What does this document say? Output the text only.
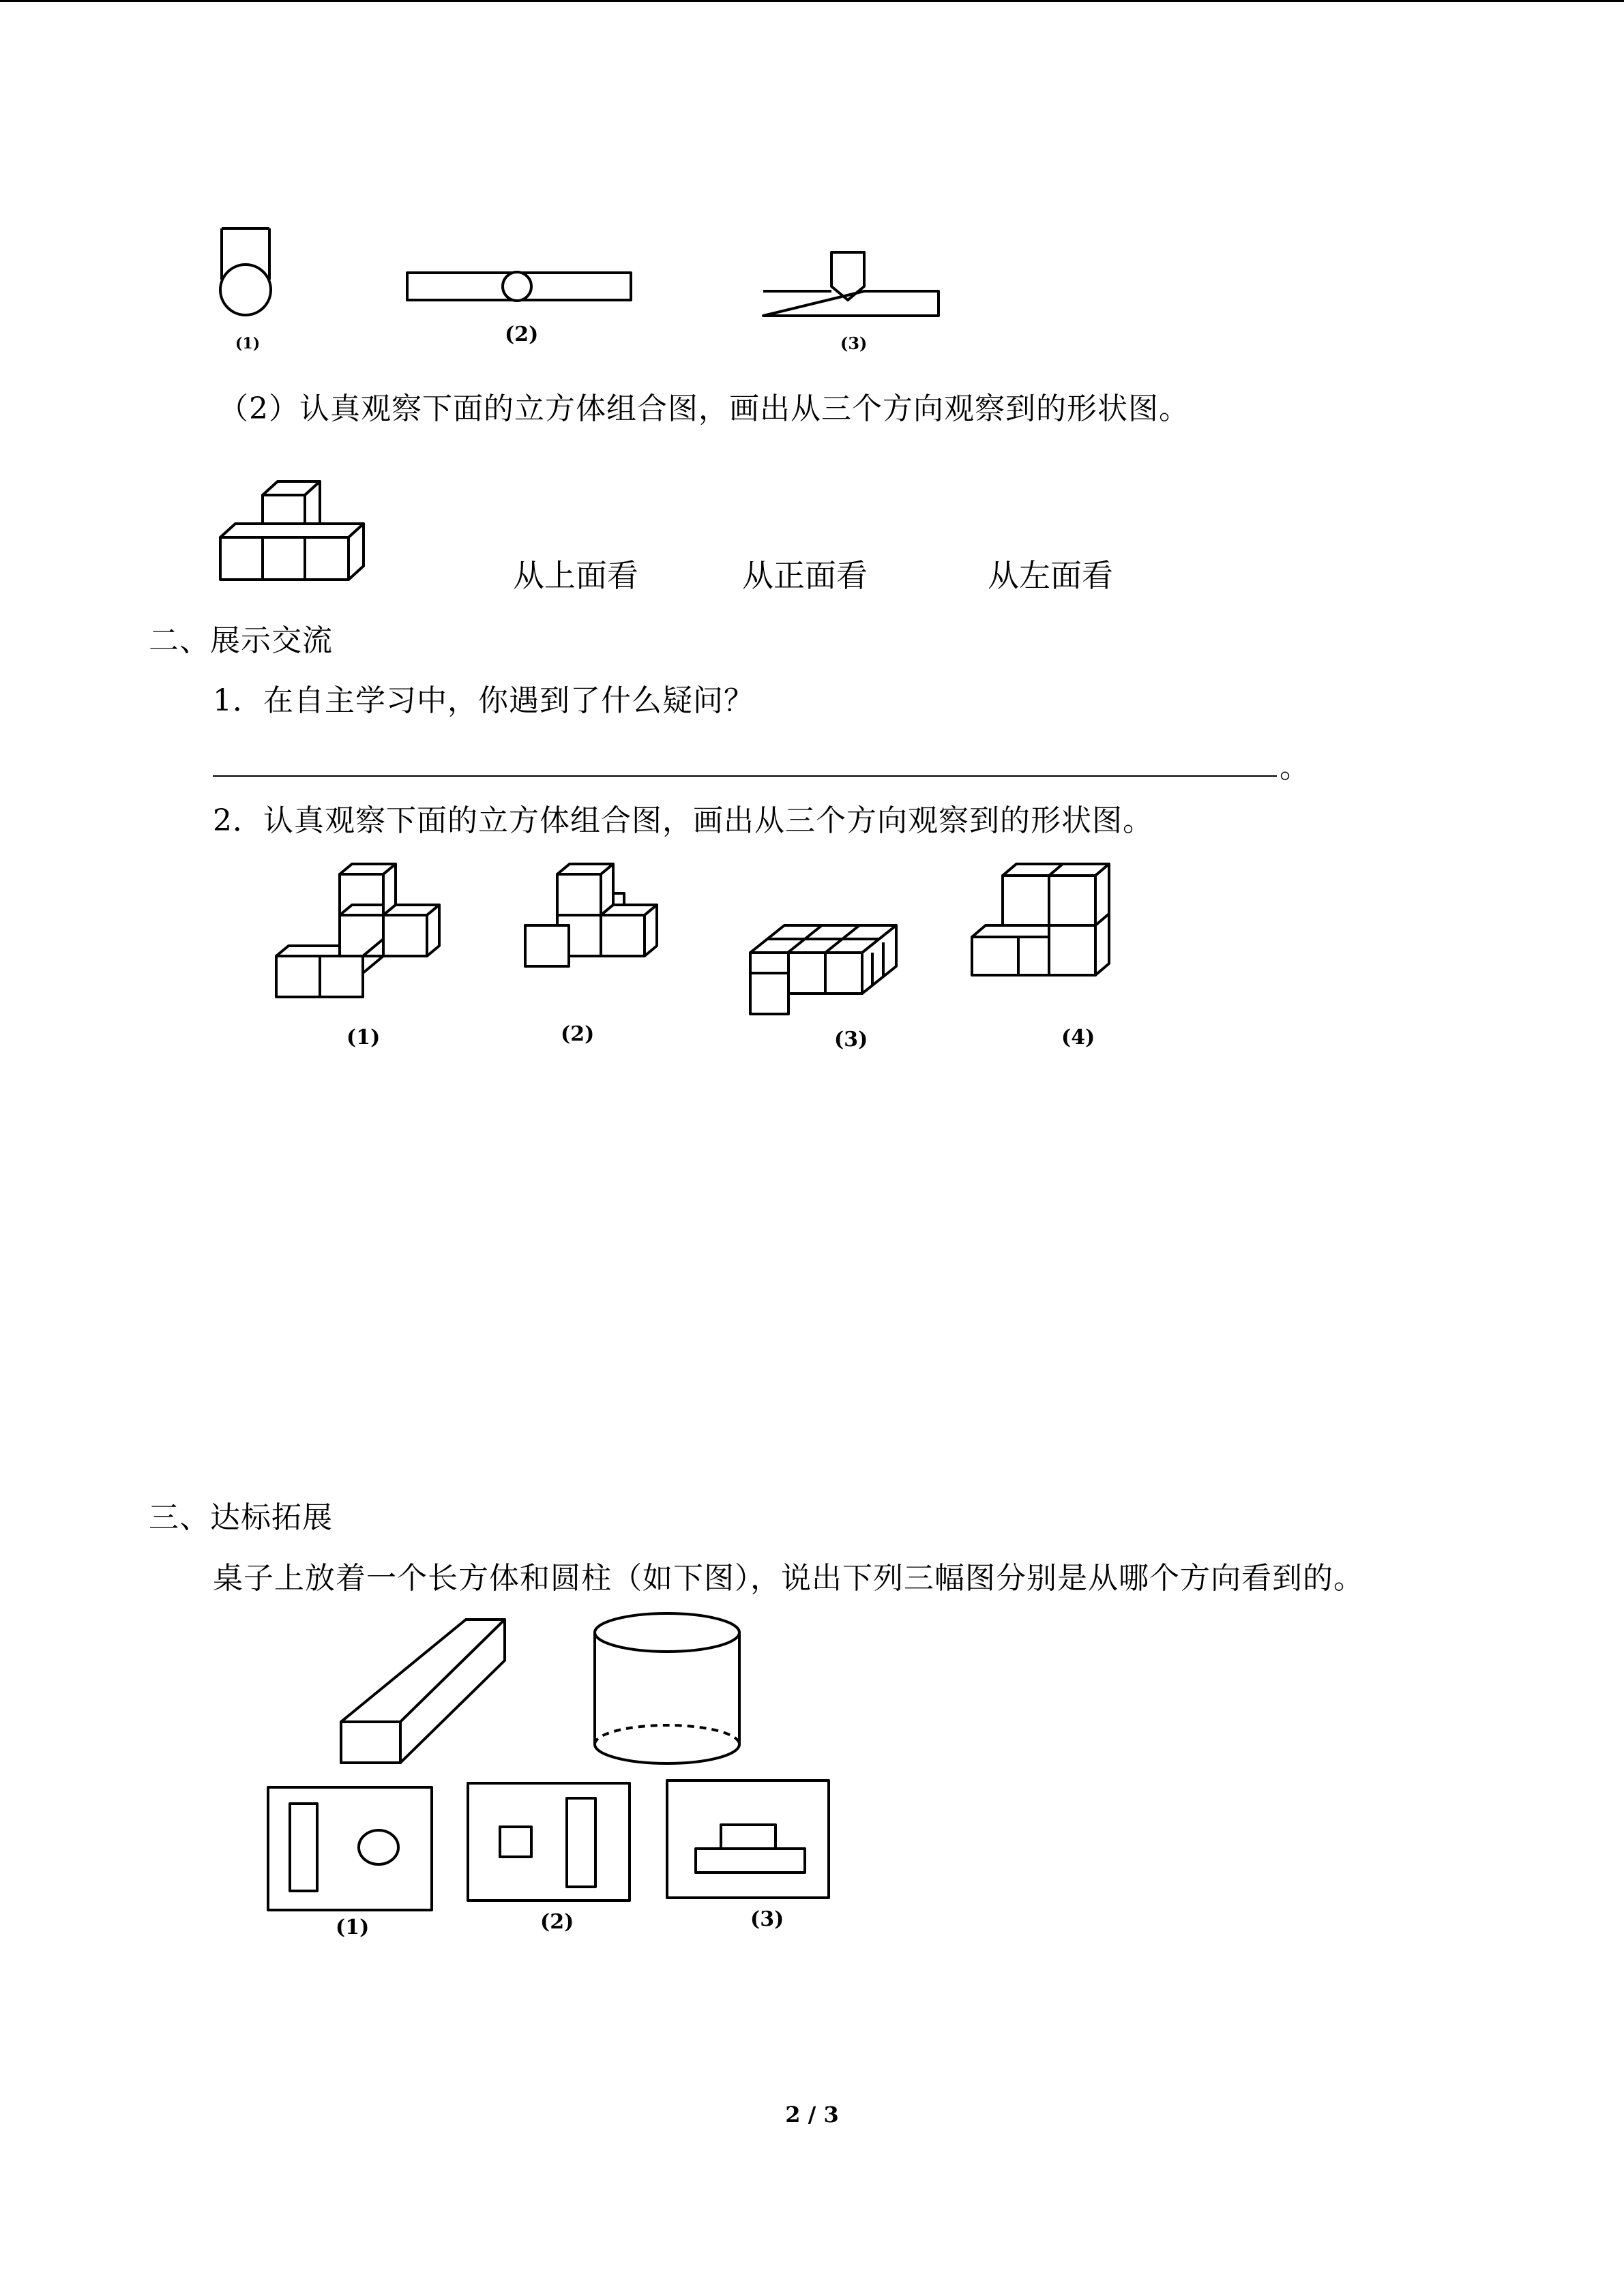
(1)	(2)	(3)
（2）认真观察下面的立方体组合图，画出从三个方向观察到的形状图。
从上面看	从正面看	从左面看
二、展示交流
1．在自主学习中，你遇到了什么疑问？
。
2．认真观察下面的立方体组合图，画出从三个方向观察到的形状图。
(1)	(2)	(3)	(4)
三、达标拓展
桌子上放着一个长方体和圆柱（如下图），说出下列三幅图分别是从哪个方向看到的。
(1)	(2)	(3)
2 / 3
